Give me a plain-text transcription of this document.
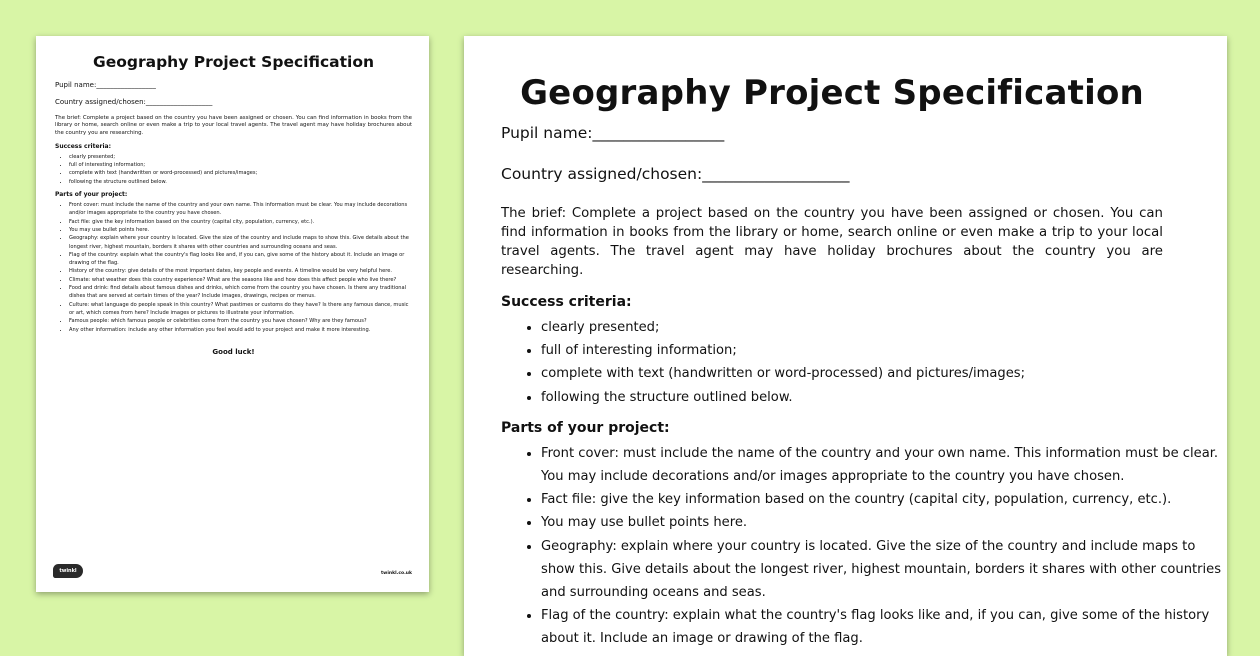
Geography Project Specification
Pupil name:_________________
Country assigned/chosen:___________________

The brief: Complete a project based on the country you have been assigned or chosen. You can find information in books from the library or home, search online or even make a trip to your local travel agents. The travel agent may have holiday brochures about the country you are researching.

Success criteria:
• clearly presented;
• full of interesting information;
• complete with text (handwritten or word-processed) and pictures/images;
• following the structure outlined below.
Parts of your project:
• Front cover: must include the name of the country and your own name. This information must be clear. You may include decorations and/or images appropriate to the country you have chosen.
• Fact file: give the key information based on the country (capital city, population, currency, etc.).
• You may use bullet points here.
• Geography: explain where your country is located. Give the size of the country and include maps to show this. Give details about the longest river, highest mountain, borders it shares with other countries and surrounding oceans and seas.
• Flag of the country: explain what the country's flag looks like and, if you can, give some of the history about it. Include an image or drawing of the flag.
• History of the country: give details of the most important dates, key people and events. A timeline would be very helpful here.
• Climate: what weather does this country experience? What are the seasons like and how does this affect people who live there?
• Food and drink: find details about famous dishes and drinks, which come from the country you have chosen. Is there any traditional dishes that are served at certain times of the year? Include images, drawings, recipes or menus.
• Culture: what language do people speak in this country? What pastimes or customs do they have? Is there any famous dance, music or art, which comes from here? Include images or pictures to illustrate your information.
• Famous people: which famous people or celebrities come from the country you have chosen? Why are they famous?
• Any other information: include any other information you feel would add to your project and make it more interesting.
Good luck!
twinkl	twinkl.co.uk
Geography Project Specification
Pupil name:_________________
Country assigned/chosen:___________________

The brief: Complete a project based on the country you have been assigned or chosen. You can find information in books from the library or home, search online or even make a trip to your local travel agents. The travel agent may have holiday brochures about the country you are researching.

Success criteria:
• clearly presented;
• full of interesting information;
• complete with text (handwritten or word-processed) and pictures/images;
• following the structure outlined below.
Parts of your project:
• Front cover: must include the name of the country and your own name. This information must be clear.
You may include decorations and/or images appropriate to the country you have chosen.
• Fact file: give the key information based on the country (capital city, population, currency, etc.).
• You may use bullet points here.
• Geography: explain where your country is located. Give the size of the country and include maps to
show this. Give details about the longest river, highest mountain, borders it shares with other countries
and surrounding oceans and seas.
• Flag of the country: explain what the country's flag looks like and, if you can, give some of the history
about it. Include an image or drawing of the flag.
